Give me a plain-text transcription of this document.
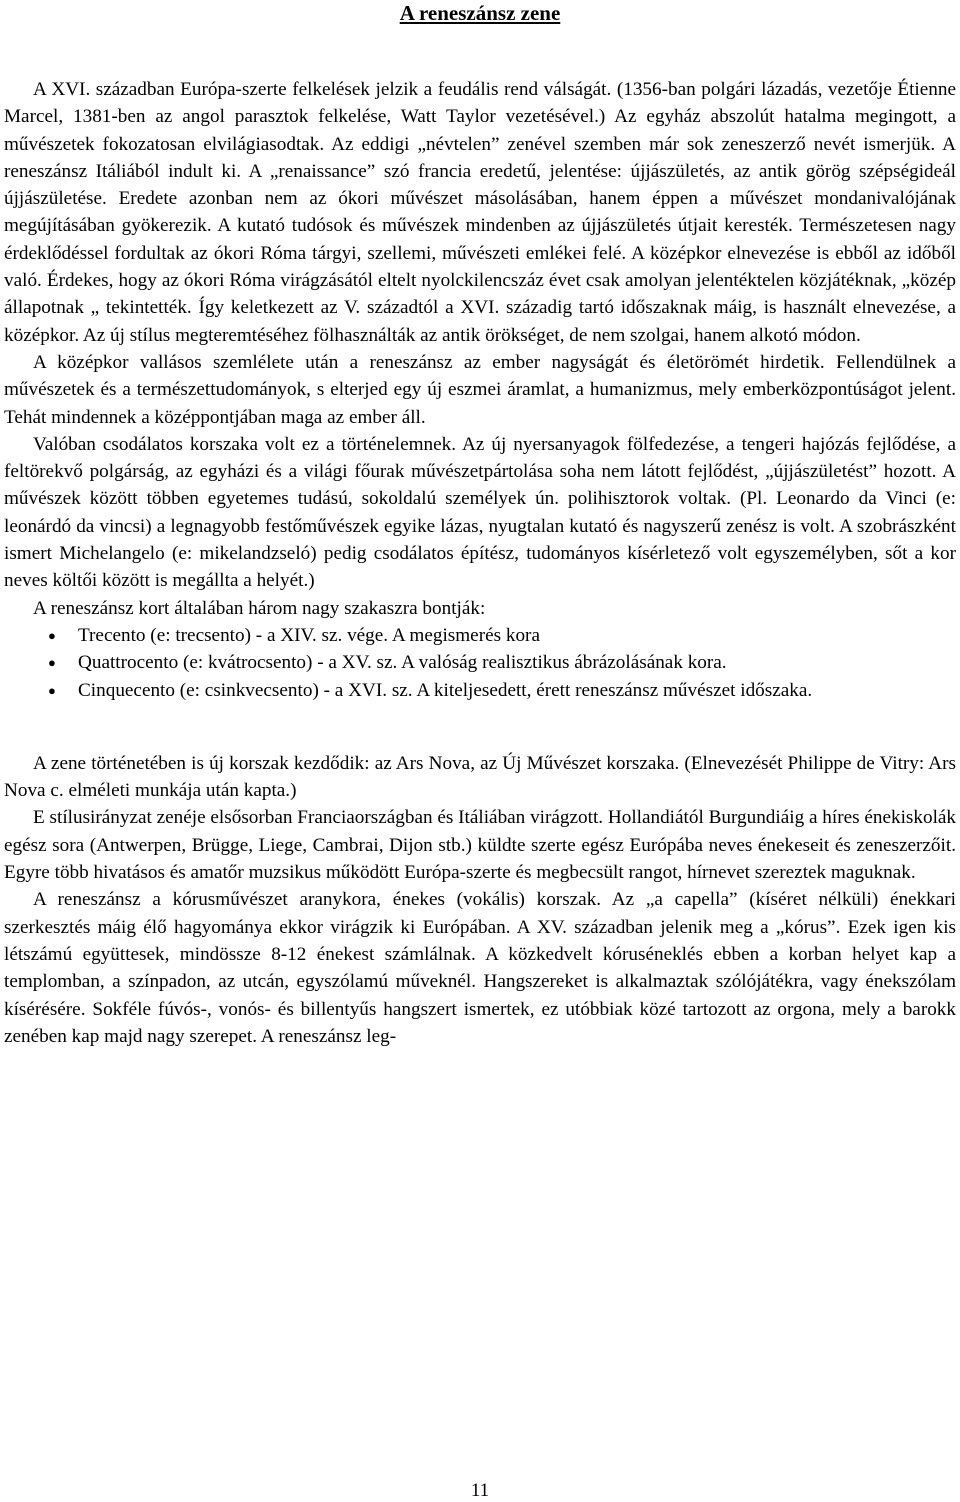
A reneszánsz zene

A XVI. században Európa-szerte felkelések jelzik a feudális rend válságát. (1356-ban polgári lázadás, vezetője Étienne Marcel, 1381-ben az angol parasztok felkelése, Watt Taylor vezetésével.) Az egyház abszolút hatalma megingott, a művészetek fokozatosan elvilágiasodtak. Az eddigi „névtelen” zenével szemben már sok zeneszerző nevét ismerjük. A reneszánsz Itáliából indult ki. A „renaissance” szó francia eredetű, jelentése: újjászületés, az antik görög szépségideál újjászületése. Eredete azonban nem az ókori művészet másolásában, hanem éppen a művészet mondanivalójának megújításában gyökerezik. A kutató tudósok és művészek mindenben az újjászületés útjait keresték. Természetesen nagy érdeklődéssel fordultak az ókori Róma tárgyi, szellemi, művészeti emlékei felé. A középkor elnevezése is ebből az időből való. Érdekes, hogy az ókori Róma virágzásától eltelt nyolckilencszáz évet csak amolyan jelentéktelen közjátéknak, „közép állapotnak „ tekintették. Így keletkezett az V. századtól a XVI. századig tartó időszaknak máig, is használt elnevezése, a középkor. Az új stílus megteremtéséhez fölhasználták az antik örökséget, de nem szolgai, hanem alkotó módon.

A középkor vallásos szemlélete után a reneszánsz az ember nagyságát és életörömét hirdetik. Fellendülnek a művészetek és a természettudományok, s elterjed egy új eszmei áramlat, a humanizmus, mely emberközpontúságot jelent. Tehát mindennek a középpontjában maga az ember áll.

Valóban csodálatos korszaka volt ez a történelemnek. Az új nyersanyagok fölfedezése, a tengeri hajózás fejlődése, a feltörekvő polgárság, az egyházi és a világi főurak művészetpártolása soha nem látott fejlődést, „újjászületést” hozott. A művészek között többen egyetemes tudású, sokoldalú személyek ún. polihisztorok voltak. (Pl. Leonardo da Vinci (e: leonárdó da vincsi) a legnagyobb festőművészek egyike lázas, nyugtalan kutató és nagyszerű zenész is volt. A szobrászként ismert Michelangelo (e: mikelandzseló) pedig csodálatos építész, tudományos kísérletező volt egyszemélyben, sőt a kor neves költői között is megállta a helyét.)

A reneszánsz kort általában három nagy szakaszra bontják:

● Trecento (e: trecsento) - a XIV. sz. vége. A megismerés kora
● Quattrocento (e: kvátrocsento) - a XV. sz. A valóság realisztikus ábrázolásának kora.
● Cinquecento (e: csinkvecsento) - a XVI. sz. A kiteljesedett, érett reneszánsz művészet időszaka.

A zene történetében is új korszak kezdődik: az Ars Nova, az Új Művészet korszaka. (Elnevezését Philippe de Vitry: Ars Nova c. elméleti munkája után kapta.)

E stílusirányzat zenéje elsősorban Franciaországban és Itáliában virágzott. Hollandiától Burgundiáig a híres énekiskolák egész sora (Antwerpen, Brügge, Liege, Cambrai, Dijon stb.) küldte szerte egész Európába neves énekeseit és zeneszerzőit. Egyre több hivatásos és amatőr muzsikus működött Európa-szerte és megbecsült rangot, hírnevet szereztek maguknak.

A reneszánsz a kórusművészet aranykora, énekes (vokális) korszak. Az „a capella” (kíséret nélküli) énekkari szerkesztés máig élő hagyománya ekkor virágzik ki Európában. A XV. században jelenik meg a „kórus”. Ezek igen kis létszámú együttesek, mindössze 8-12 énekest számlálnak. A közkedvelt kóruséneklés ebben a korban helyet kap a templomban, a színpadon, az utcán, egyszólamú műveknél. Hangszereket is alkalmaztak szólójátékra, vagy énekszólam kísérésére. Sokféle fúvós-, vonós- és billentyűs hangszert ismertek, ez utóbbiak közé tartozott az orgona, mely a barokk zenében kap majd nagy szerepet. A reneszánsz leg-

11
